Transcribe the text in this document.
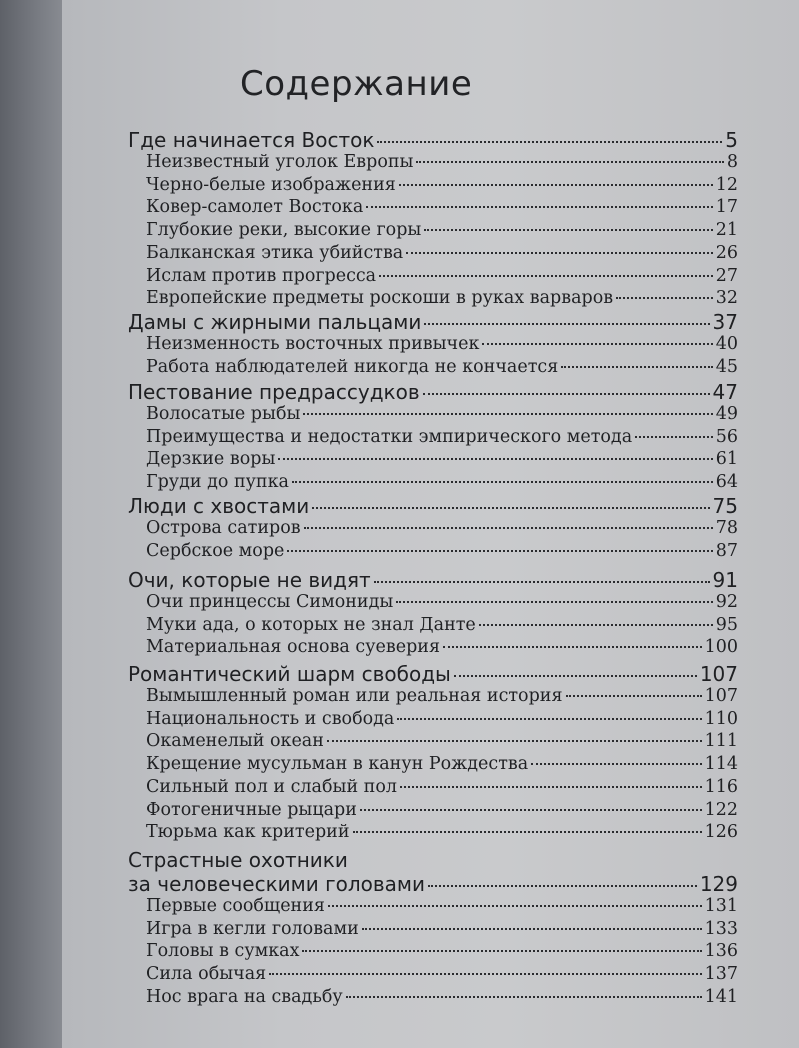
Содержание
Где начинается Восток	5
Неизвестный уголок Европы	8
Черно-белые изображения	12
Ковер-самолет Востока	17
Глубокие реки, высокие горы	21
Балканская этика убийства	26
Ислам против прогресса	27
Европейские предметы роскоши в руках варваров	32
Дамы с жирными пальцами	37
Неизменность восточных привычек	40
Работа наблюдателей никогда не кончается	45
Пестование предрассудков	47
Волосатые рыбы	49
Преимущества и недостатки эмпирического метода	56
Дерзкие воры	61
Груди до пупка	64
Люди с хвостами	75
Острова сатиров	78
Сербское море	87
Очи, которые не видят	91
Очи принцессы Симониды	92
Муки ада, о которых не знал Данте	95
Материальная основа суеверия	100
Романтический шарм свободы	107
Вымышленный роман или реальная история	107
Национальность и свобода	110
Окаменелый океан	111
Крещение мусульман в канун Рождества	114
Сильный пол и слабый пол	116
Фотогеничные рыцари	122
Тюрьма как критерий	126
Страстные охотники
за человеческими головами	129
Первые сообщения	131
Игра в кегли головами	133
Головы в сумках	136
Сила обычая	137
Нос врага на свадьбу	141
